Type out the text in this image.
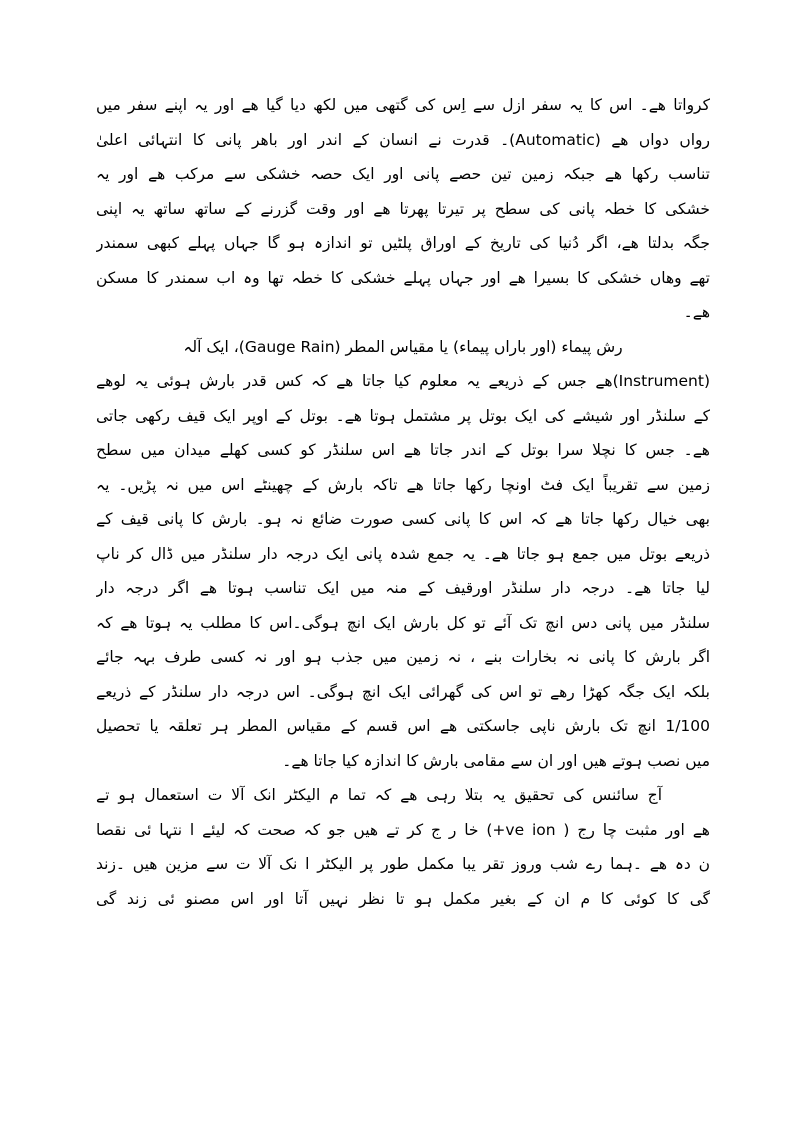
کرواتا ھے۔ اس کا یہ سفر ازل سے اِس کی گتھی میں لکھ دیا گیا ھے اور یہ اپنے سفر میں
رواں دواں ھے (Automatic)۔ قدرت نے انسان کے اندر اور باھر پانی کا انتہائی اعلیٰ
تناسب رکھا ھے جبکہ زمین تین حصے پانی اور ایک حصہ خشکی سے مرکب ھے اور یہ
خشکی کا خطہ پانی کی سطح پر تیرتا پھرتا ھے اور وقت گزرنے کے ساتھ ساتھ یہ اپنی
جگہ بدلتا ھے، اگر دُنیا کی تاریخ کے اوراق پلٹیں تو اندازہ ہو گا جہاں پہلے کبھی سمندر
تھے وھاں خشکی کا بسیرا ھے اور جہاں پہلے خشکی کا خطہ تھا وہ اب سمندر کا مسکن
ھے۔
رش پیماء (اور باراں پیماء) یا مقیاس المطر (Gauge Rain)، ایک آلہ
(Instrument)ھے جس کے ذریعے یہ معلوم کیا جاتا ھے کہ کس قدر بارش ہوئی یہ لوھے
کے سلنڈر اور شیشے کی ایک بوتل پر مشتمل ہوتا ھے۔ بوتل کے اوپر ایک قیف رکھی جاتی
ھے۔ جس کا نچلا سرا بوتل کے اندر جاتا ھے اس سلنڈر کو کسی کھلے میدان میں سطح
زمین سے تقریباً ایک فٹ اونچا رکھا جاتا ھے تاکہ بارش کے چھینٹے اس میں نہ پڑیں۔ یہ
بھی خیال رکھا جاتا ھے کہ اس کا پانی کسی صورت ضائع نہ ہو۔ بارش کا پانی قیف کے
ذریعے بوتل میں جمع ہو جاتا ھے۔ یہ جمع شدہ پانی ایک درجہ دار سلنڈر میں ڈال کر ناپ
لیا جاتا ھے۔ درجہ دار سلنڈر اورقیف کے منہ میں ایک تناسب ہوتا ھے اگر درجہ دار
سلنڈر میں پانی دس انچ تک آئے تو کل بارش ایک انچ ہوگی۔اس کا مطلب یہ ہوتا ھے کہ
اگر بارش کا پانی نہ بخارات بنے ، نہ زمین میں جذب ہو اور نہ کسی طرف بہہ جائے
بلکہ ایک جگہ کھڑا رھے تو اس کی گھرائی ایک انچ ہوگی۔ اس درجہ دار سلنڈر کے ذریعے
1/100 انچ تک بارش ناپی جاسکتی ھے اس قسم کے مقیاس المطر ہر تعلقہ یا تحصیل
میں نصب ہوتے ھیں اور ان سے مقامی بارش کا اندازہ کیا جاتا ھے۔
آج سائنس کی تحقیق یہ بتلا رہی ھے کہ تما م الیکٹر انک آلا ت استعمال ہو تے
ھے اور مثبت چا رج ( ve ion+) خا ر ج کر تے ھیں جو کہ صحت کہ لیئے ا نتہا ئی نقصا
ن دہ ھے ۔ہما رے شب وروز تقر یبا مکمل طور پر الیکٹر ا نک آلا ت سے مزین ھیں ۔زند
گی کا کوئی کا م ان کے بغیر مکمل ہو تا نظر نہیں آتا اور اس مصنو ئی زند گی
